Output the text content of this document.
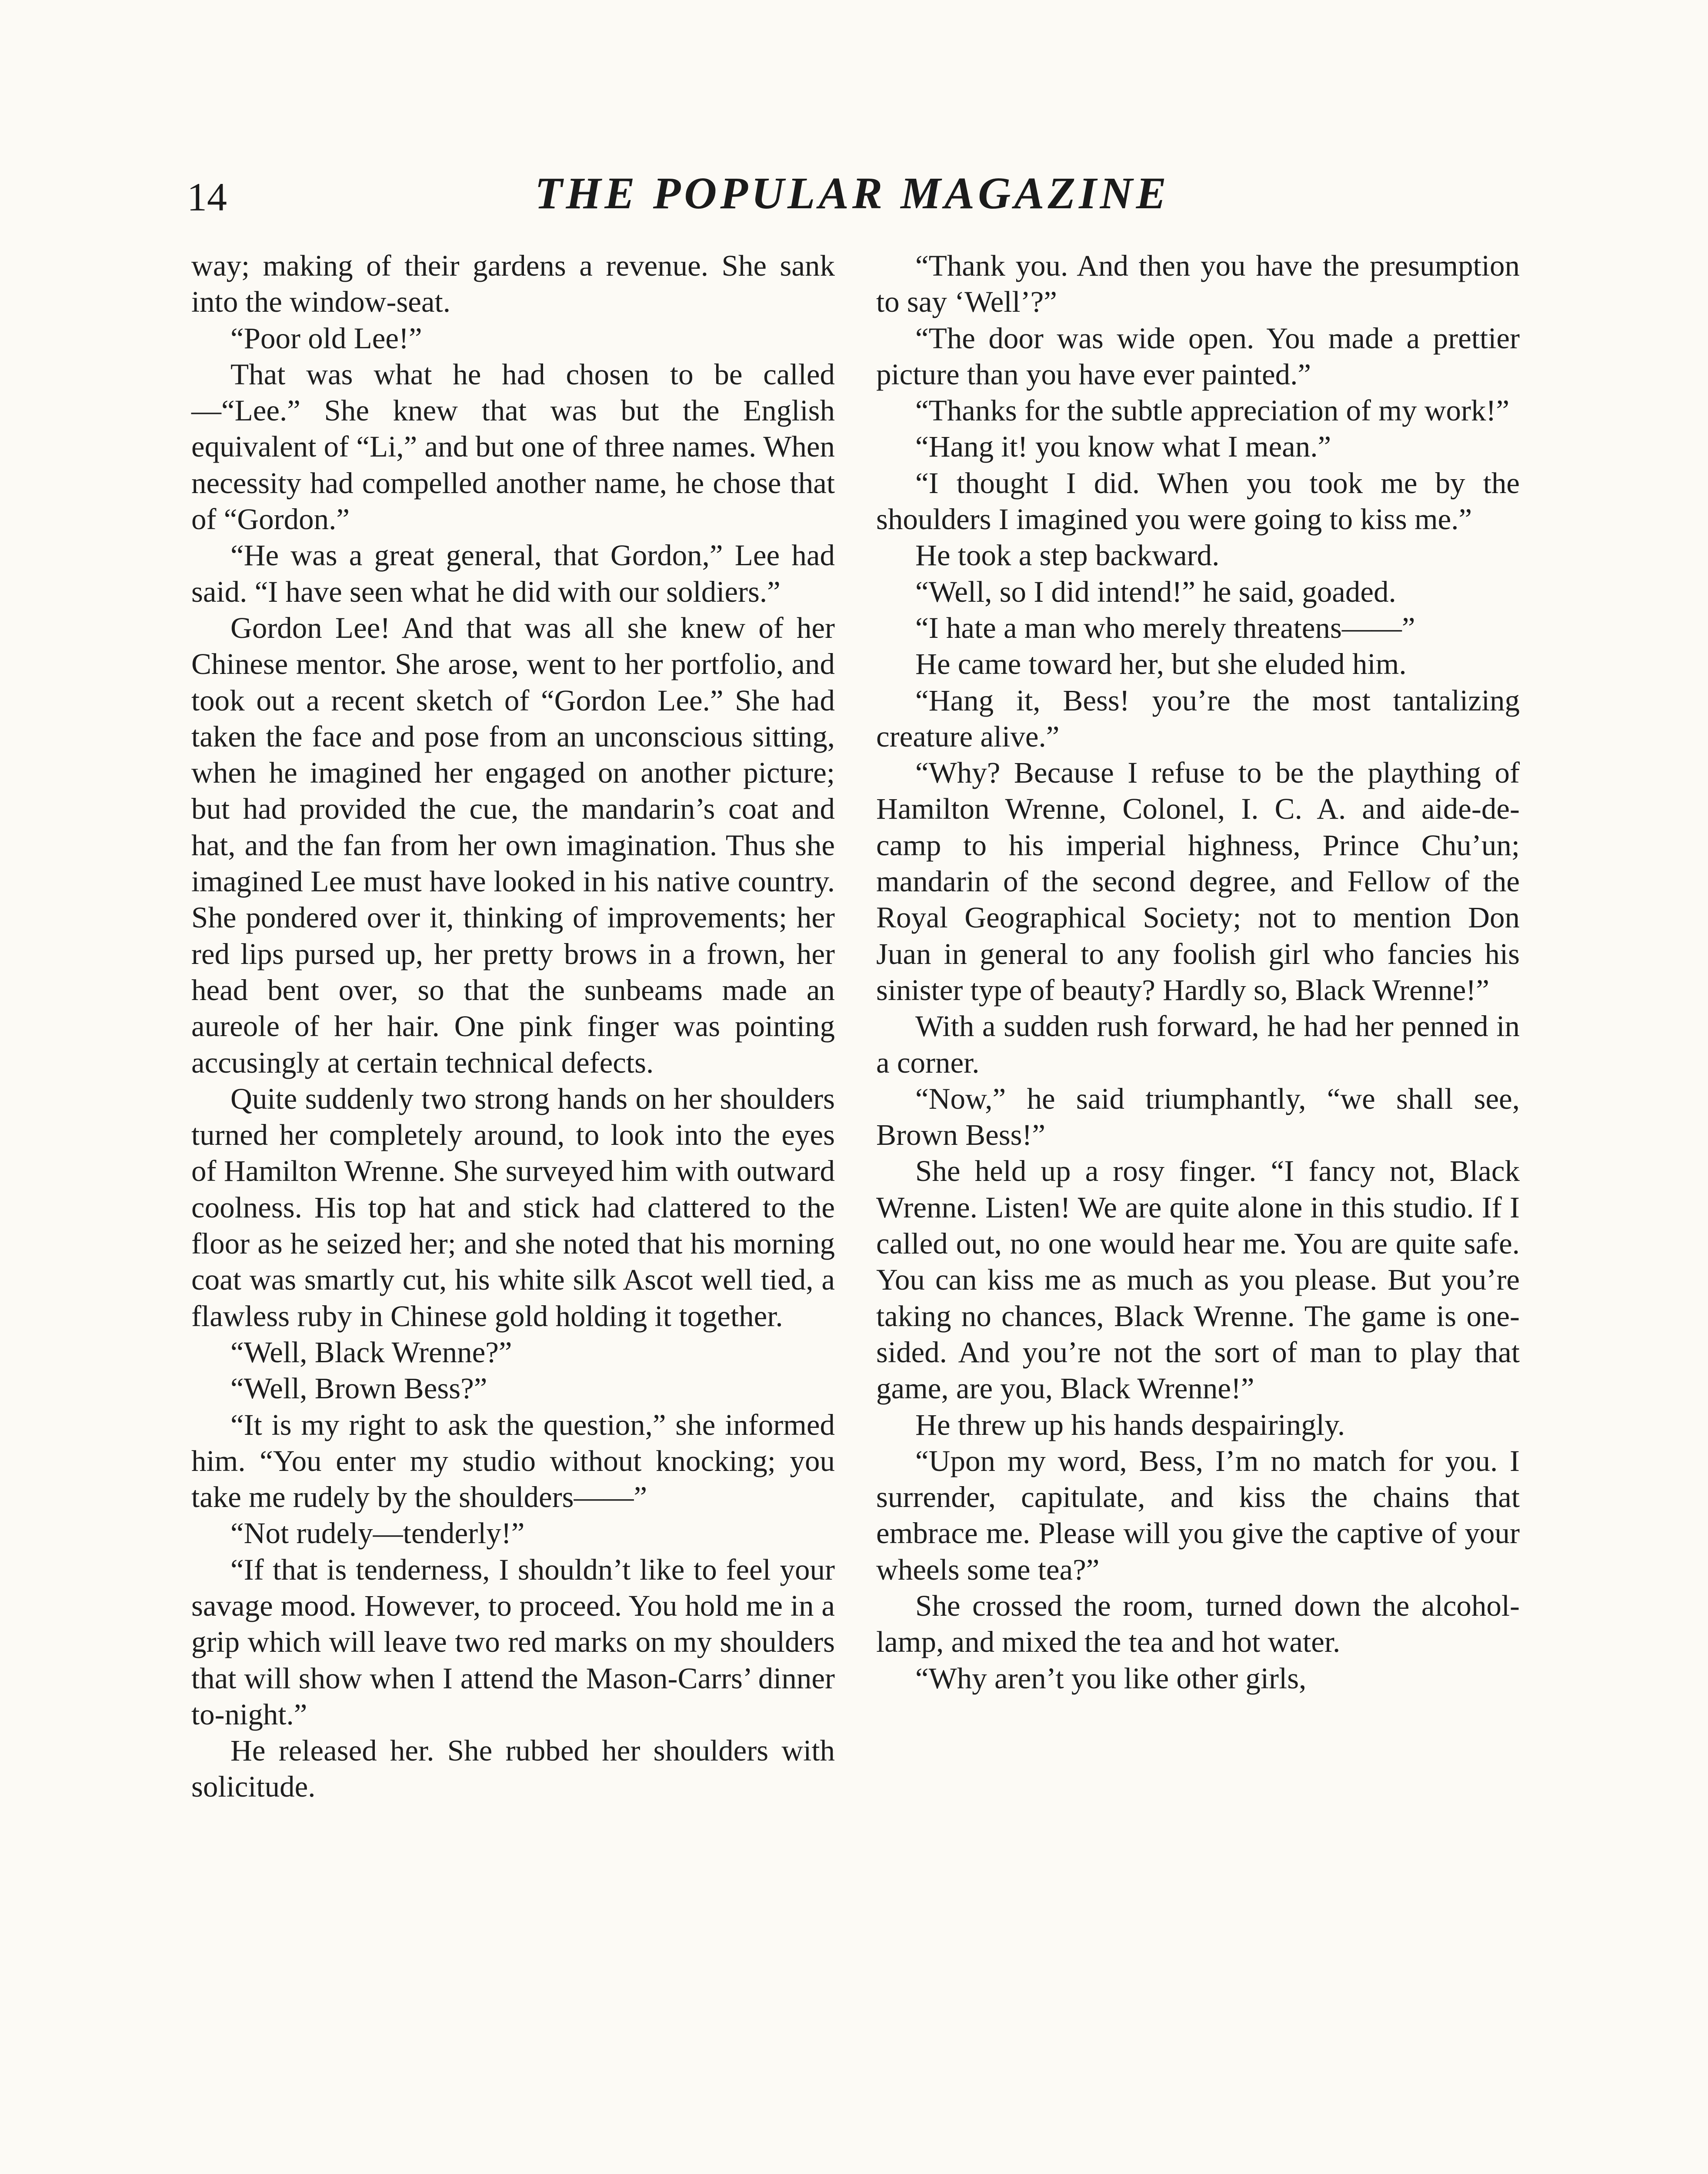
14	THE POPULAR MAGAZINE

way; making of their gardens a revenue. She sank into the window-seat.

“Poor old Lee!”

That was what he had chosen to be called—“Lee.” She knew that was but the English equivalent of “Li,” and but one of three names. When necessity had compelled another name, he chose that of “Gordon.”

“He was a great general, that Gordon,” Lee had said. “I have seen what he did with our soldiers.”

Gordon Lee! And that was all she knew of her Chinese mentor. She arose, went to her portfolio, and took out a recent sketch of “Gordon Lee.” She had taken the face and pose from an unconscious sitting, when he imagined her engaged on another picture; but had provided the cue, the mandarin’s coat and hat, and the fan from her own imagination. Thus she imagined Lee must have looked in his native country. She pondered over it, thinking of improvements; her red lips pursed up, her pretty brows in a frown, her head bent over, so that the sunbeams made an aureole of her hair. One pink finger was pointing accusingly at certain technical defects.

Quite suddenly two strong hands on her shoulders turned her completely around, to look into the eyes of Hamilton Wrenne. She surveyed him with outward coolness. His top hat and stick had clattered to the floor as he seized her; and she noted that his morning coat was smartly cut, his white silk Ascot well tied, a flawless ruby in Chinese gold holding it together.

“Well, Black Wrenne?”

“Well, Brown Bess?”

“It is my right to ask the question,” she informed him. “You enter my studio without knocking; you take me rudely by the shoulders——”

“Not rudely—tenderly!”

“If that is tenderness, I shouldn’t like to feel your savage mood. However, to proceed. You hold me in a grip which will leave two red marks on my shoulders that will show when I attend the Mason-Carrs’ dinner to-night.”

He released her. She rubbed her shoulders with solicitude.

“Thank you. And then you have the presumption to say ‘Well’?”

“The door was wide open. You made a prettier picture than you have ever painted.”

“Thanks for the subtle appreciation of my work!”

“Hang it! you know what I mean.”

“I thought I did. When you took me by the shoulders I imagined you were going to kiss me.”

He took a step backward.

“Well, so I did intend!” he said, goaded.

“I hate a man who merely threatens——”

He came toward her, but she eluded him.

“Hang it, Bess! you’re the most tantalizing creature alive.”

“Why? Because I refuse to be the plaything of Hamilton Wrenne, Colonel, I. C. A. and aide-de-camp to his imperial highness, Prince Chu’un; mandarin of the second degree, and Fellow of the Royal Geographical Society; not to mention Don Juan in general to any foolish girl who fancies his sinister type of beauty? Hardly so, Black Wrenne!”

With a sudden rush forward, he had her penned in a corner.

“Now,” he said triumphantly, “we shall see, Brown Bess!”

She held up a rosy finger. “I fancy not, Black Wrenne. Listen! We are quite alone in this studio. If I called out, no one would hear me. You are quite safe. You can kiss me as much as you please. But you’re taking no chances, Black Wrenne. The game is one-sided. And you’re not the sort of man to play that game, are you, Black Wrenne!”

He threw up his hands despairingly.

“Upon my word, Bess, I’m no match for you. I surrender, capitulate, and kiss the chains that embrace me. Please will you give the captive of your wheels some tea?”

She crossed the room, turned down the alcohol-lamp, and mixed the tea and hot water.

“Why aren’t you like other girls,
